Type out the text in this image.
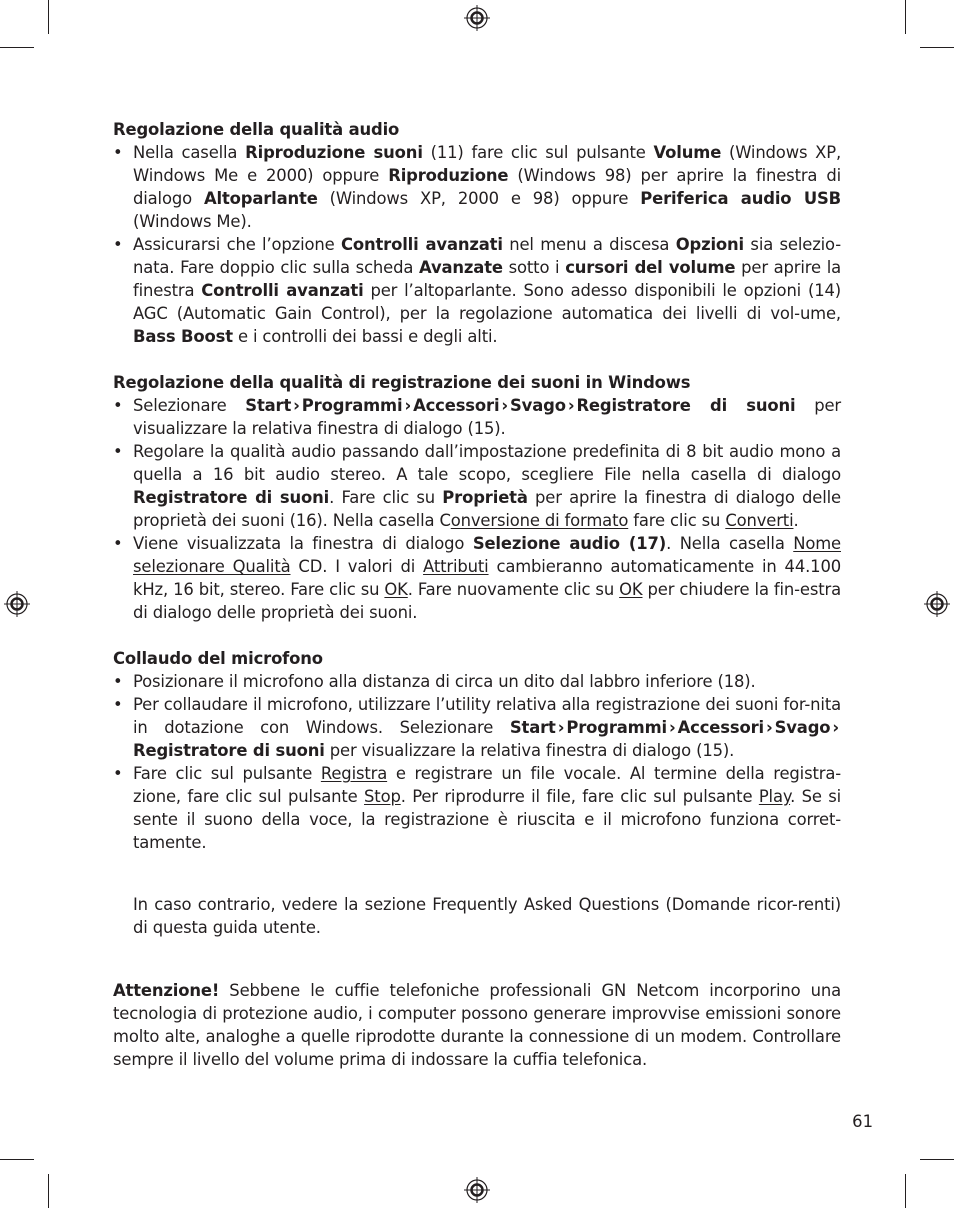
Regolazione della qualità audio

• Nella casella Riproduzione suoni (11) fare clic sul pulsante Volume (Windows XP, Windows Me e 2000) oppure Riproduzione (Windows 98) per aprire la finestra di dialogo Altoparlante (Windows XP, 2000 e 98) oppure Periferica audio USB (Windows Me).
• Assicurarsi che l’opzione Controlli avanzati nel menu a discesa Opzioni sia selezio-nata. Fare doppio clic sulla scheda Avanzate sotto i cursori del volume per aprire la finestra Controlli avanzati per l’altoparlante. Sono adesso disponibili le opzioni (14) AGC (Automatic Gain Control), per la regolazione automatica dei livelli di vol-ume, Bass Boost e i controlli dei bassi e degli alti.

Regolazione della qualità di registrazione dei suoni in Windows

• Selezionare Start › Programmi › Accessori › Svago › Registratore di suoni per visualizzare la relativa finestra di dialogo (15).
• Regolare la qualità audio passando dall’impostazione predefinita di 8 bit audio mono a quella a 16 bit audio stereo. A tale scopo, scegliere File nella casella di dialogo Registratore di suoni. Fare clic su Proprietà per aprire la finestra di dialogo delle proprietà dei suoni (16). Nella casella Conversione di formato fare clic su Converti.
• Viene visualizzata la finestra di dialogo Selezione audio (17). Nella casella Nome selezionare Qualità CD. I valori di Attributi cambieranno automaticamente in 44.100 kHz, 16 bit, stereo. Fare clic su OK. Fare nuovamente clic su OK per chiudere la fin-estra di dialogo delle proprietà dei suoni.

Collaudo del microfono

• Posizionare il microfono alla distanza di circa un dito dal labbro inferiore (18).
• Per collaudare il microfono, utilizzare l’utility relativa alla registrazione dei suoni for-nita in dotazione con Windows. Selezionare Start › Programmi › Accessori › Svago ›Registratore di suoni per visualizzare la relativa finestra di dialogo (15).
• Fare clic sul pulsante Registra e registrare un file vocale. Al termine della registra-zione, fare clic sul pulsante Stop. Per riprodurre il file, fare clic sul pulsante Play. Se si sente il suono della voce, la registrazione è riuscita e il microfono funziona corret-tamente.

In caso contrario, vedere la sezione Frequently Asked Questions (Domande ricor-renti) di questa guida utente.

Attenzione! Sebbene le cuffie telefoniche professionali GN Netcom incorporino una tecnologia di protezione audio, i computer possono generare improvvise emissioni sonore molto alte, analoghe a quelle riprodotte durante la connessione di un modem. Controllare sempre il livello del volume prima di indossare la cuffia telefonica.

61
